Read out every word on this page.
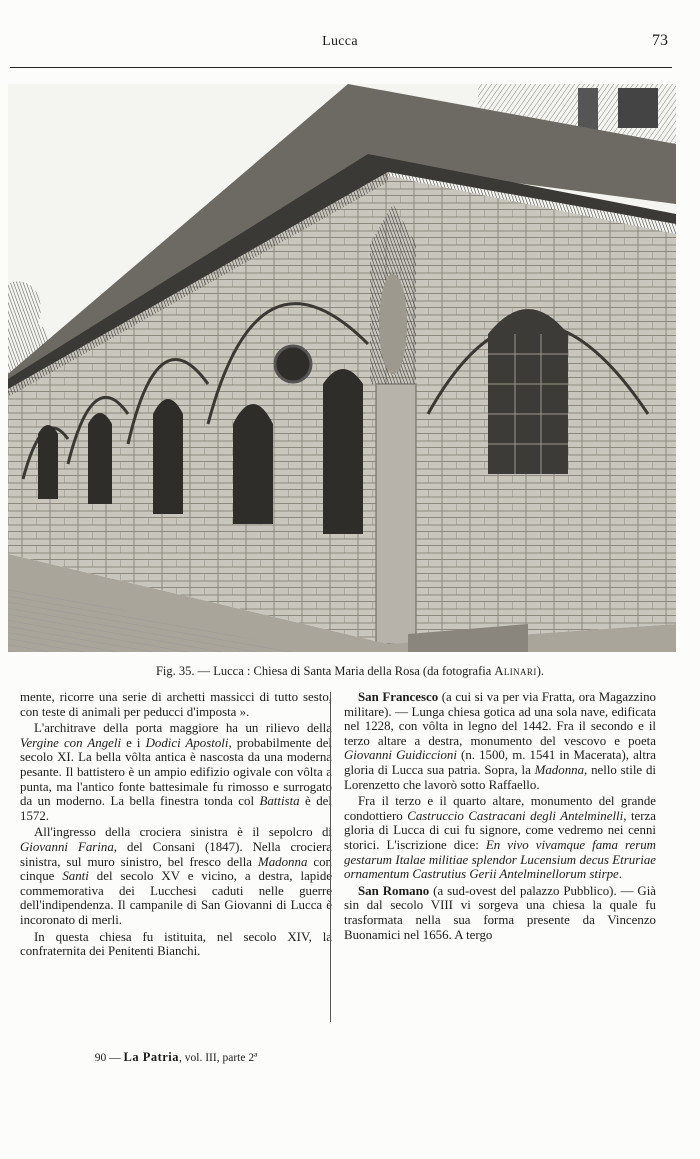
Lucca	73
Fig. 35. — Lucca : Chiesa di Santa Maria della Rosa (da fotografia Alinari).

mente, ricorre una serie di archetti massicci di tutto sesto, con teste di animali per peducci d'imposta ».

L'architrave della porta maggiore ha un rilievo della Vergine con Angeli e i Dodici Apostoli, probabilmente del secolo XI. La bella vôlta antica è nascosta da una moderna pesante. Il battistero è un ampio edifizio ogivale con vôlta a punta, ma l'antico fonte battesimale fu rimosso e surrogato da un moderno. La bella finestra tonda col Battista è del 1572.

All'ingresso della crociera sinistra è il sepolcro di Giovanni Farina, del Consani (1847). Nella crociera sinistra, sul muro sinistro, bel fresco della Madonna con cinque Santi del secolo XV e vicino, a destra, lapide commemorativa dei Lucchesi caduti nelle guerre dell'indipendenza. Il campanile di San Giovanni di Lucca è incoronato di merli.

In questa chiesa fu istituita, nel secolo XIV, la confraternita dei Penitenti Bianchi.

San Francesco (a cui si va per via Fratta, ora Magazzino militare). — Lunga chiesa gotica ad una sola nave, edificata nel 1228, con vôlta in legno del 1442. Fra il secondo e il terzo altare a destra, monumento del vescovo e poeta Giovanni Guidiccioni (n. 1500, m. 1541 in Macerata), altra gloria di Lucca sua patria. Sopra, la Madonna, nello stile di Lorenzetto che lavorò sotto Raffaello.

Fra il terzo e il quarto altare, monumento del grande condottiero Castruccio Castracani degli Antelminelli, terza gloria di Lucca di cui fu signore, come vedremo nei cenni storici. L'iscrizione dice: En vivo vivamque fama rerum gestarum Italae militiae splendor Lucensium decus Etruriae ornamentum Castrutius Gerii Antelminellorum stirpe.

San Romano (a sud-ovest del palazzo Pubblico). — Già sin dal secolo VIII vi sorgeva una chiesa la quale fu trasformata nella sua forma presente da Vincenzo Buonamici nel 1656. A tergo

90 — La Patria, vol. III, parte 2ª
